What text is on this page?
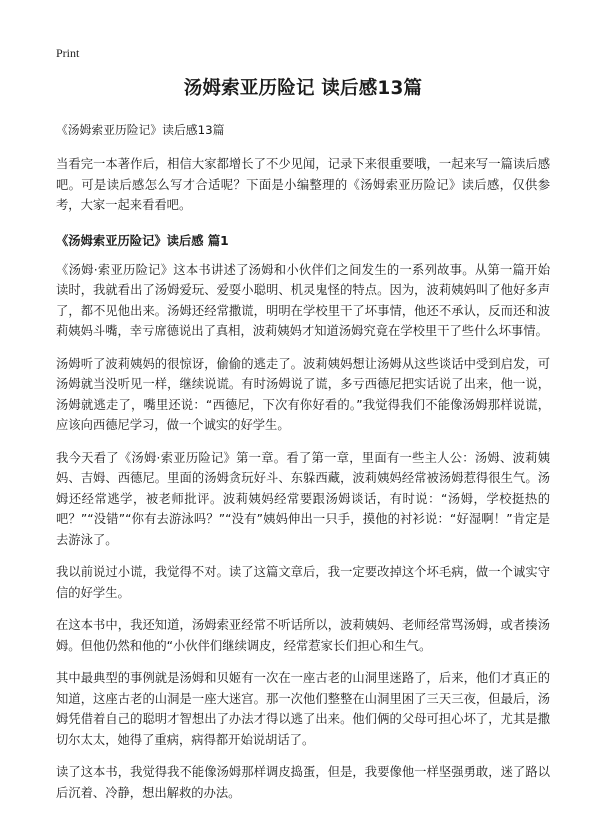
Print
汤姆索亚历险记 读后感13篇

《汤姆索亚历险记》读后感13篇

当看完一本著作后，相信大家都增长了不少见闻，记录下来很重要哦，一起来写一篇读后感吧。可是读后感怎么写才合适呢？下面是小编整理的《汤姆索亚历险记》读后感，仅供参考，大家一起来看看吧。

《汤姆索亚历险记》读后感 篇1

《汤姆·索亚历险记》这本书讲述了汤姆和小伙伴们之间发生的一系列故事。从第一篇开始读时，我就看出了汤姆爱玩、爱耍小聪明、机灵鬼怪的特点。因为，波莉姨妈叫了他好多声了，都不见他出来。汤姆还经常撒谎，明明在学校里干了坏事情，他还不承认，反而还和波莉姨妈斗嘴，幸亏席德说出了真相，波莉姨妈才知道汤姆究竟在学校里干了些什么坏事情。

汤姆听了波莉姨妈的很惊讶，偷偷的逃走了。波莉姨妈想让汤姆从这些谈话中受到启发，可汤姆就当没听见一样，继续说谎。有时汤姆说了谎，多亏西德尼把实话说了出来，他一说，汤姆就逃走了，嘴里还说：“西德尼，下次有你好看的。”我觉得我们不能像汤姆那样说谎，应该向西德尼学习，做一个诚实的好学生。

我今天看了《汤姆·索亚历险记》第一章。看了第一章，里面有一些主人公：汤姆、波莉姨妈、吉姆、西德尼。里面的汤姆贪玩好斗、东躲西藏，波莉姨妈经常被汤姆惹得很生气。汤姆还经常逃学，被老师批评。波莉姨妈经常要跟汤姆谈话，有时说：“汤姆，学校挺热的吧？”“没错”“你有去游泳吗？”“没有”姨妈伸出一只手，摸他的衬衫说：“好湿啊！”肯定是去游泳了。

我以前说过小谎，我觉得不对。读了这篇文章后，我一定要改掉这个坏毛病，做一个诚实守信的好学生。

在这本书中，我还知道，汤姆索亚经常不听话所以，波莉姨妈、老师经常骂汤姆，或者揍汤姆。但他仍然和他的“小伙伴们继续调皮，经常惹家长们担心和生气。

其中最典型的事例就是汤姆和贝姬有一次在一座古老的山洞里迷路了，后来，他们才真正的知道，这座古老的山洞是一座大迷宫。那一次他们整整在山洞里困了三天三夜，但最后，汤姆凭借着自己的聪明才智想出了办法才得以逃了出来。他们俩的父母可担心坏了，尤其是撒切尔太太，她得了重病，病得都开始说胡话了。

读了这本书，我觉得我不能像汤姆那样调皮捣蛋，但是，我要像他一样坚强勇敢，迷了路以后沉着、冷静，想出解救的办法。
